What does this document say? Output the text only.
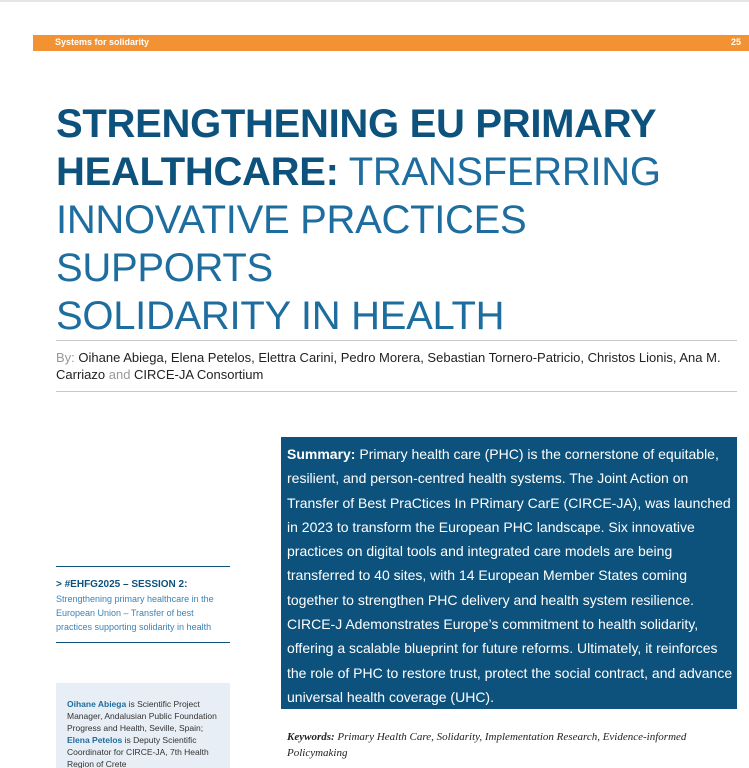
Systems for solidarity	25
STRENGTHENING EU PRIMARY
HEALTHCARE: TRANSFERRING
INNOVATIVE PRACTICES SUPPORTS
SOLIDARITY IN HEALTH
By: Oihane Abiega, Elena Petelos, Elettra Carini, Pedro Morera, Sebastian Tornero-Patricio, Christos Lionis, Ana M. Carriazo and CIRCE-JA Consortium
> #EHFG2025 – SESSION 2:
Strengthening primary healthcare in the European Union – Transfer of best practices supporting solidarity in health
Oihane Abiega is Scientific Project Manager, Andalusian Public Foundation Progress and Health, Seville, Spain; Elena Petelos is Deputy Scientific Coordinator for CIRCE-JA, 7th Health Region of Crete
Summary: Primary health care (PHC) is the cornerstone of equitable, resilient, and person-centred health systems. The Joint Action on Transfer of Best PraCtices In PRimary CarE (CIRCE-JA), was launched in 2023 to transform the European PHC landscape. Six innovative practices on digital tools and integrated care models are being transferred to 40 sites, with 14 European Member States coming together to strengthen PHC delivery and health system resilience. CIRCE-J Ademonstrates Europe’s commitment to health solidarity, offering a scalable blueprint for future reforms. Ultimately, it reinforces the role of PHC to restore trust, protect the social contract, and advance universal health coverage (UHC).
Keywords: Primary Health Care, Solidarity, Implementation Research, Evidence-informed Policymaking
